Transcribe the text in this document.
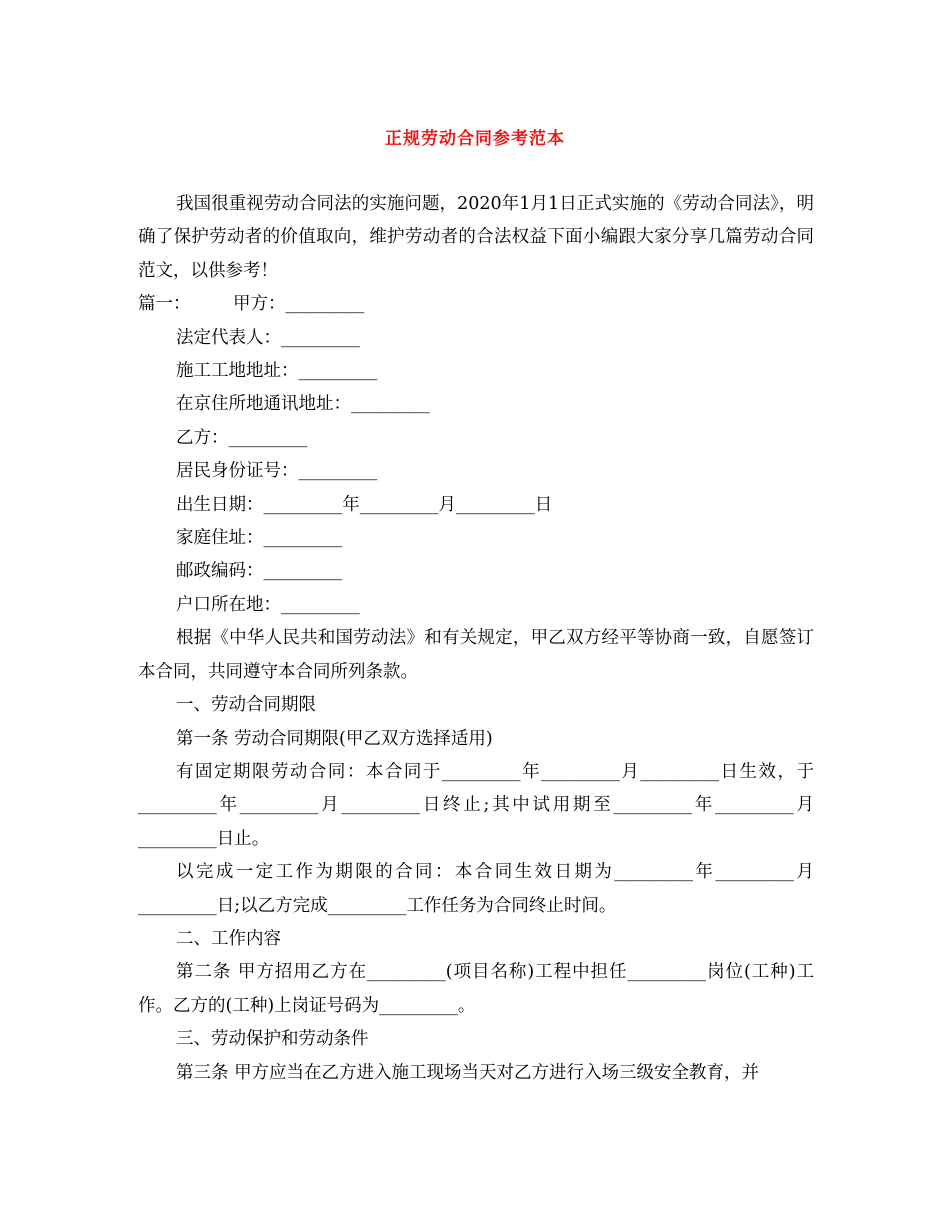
正规劳动合同参考范本

我国很重视劳动合同法的实施问题，2020年1月1日正式实施的《劳动合同法》，明确了保护劳动者的价值取向，维护劳动者的合法权益下面小编跟大家分享几篇劳动合同范文，以供参考！

篇一： 甲方：_________

法定代表人：_________

施工工地地址：_________

在京住所地通讯地址：_________

乙方：_________

居民身份证号：_________

出生日期：_________年_________月_________日

家庭住址：_________

邮政编码：_________

户口所在地：_________

根据《中华人民共和国劳动法》和有关规定，甲乙双方经平等协商一致，自愿签订本合同，共同遵守本合同所列条款。

一、劳动合同期限

第一条 劳动合同期限(甲乙双方选择适用)

有固定期限劳动合同：本合同于_________年_________月_________日生效，于_________年_________月_________日终止;其中试用期至_________年_________月_________日止。

以完成一定工作为期限的合同：本合同生效日期为_________年_________月_________日;以乙方完成_________工作任务为合同终止时间。

二、工作内容

第二条 甲方招用乙方在_________(项目名称)工程中担任_________岗位(工种)工作。乙方的(工种)上岗证号码为_________。

三、劳动保护和劳动条件

第三条 甲方应当在乙方进入施工现场当天对乙方进行入场三级安全教育，并
